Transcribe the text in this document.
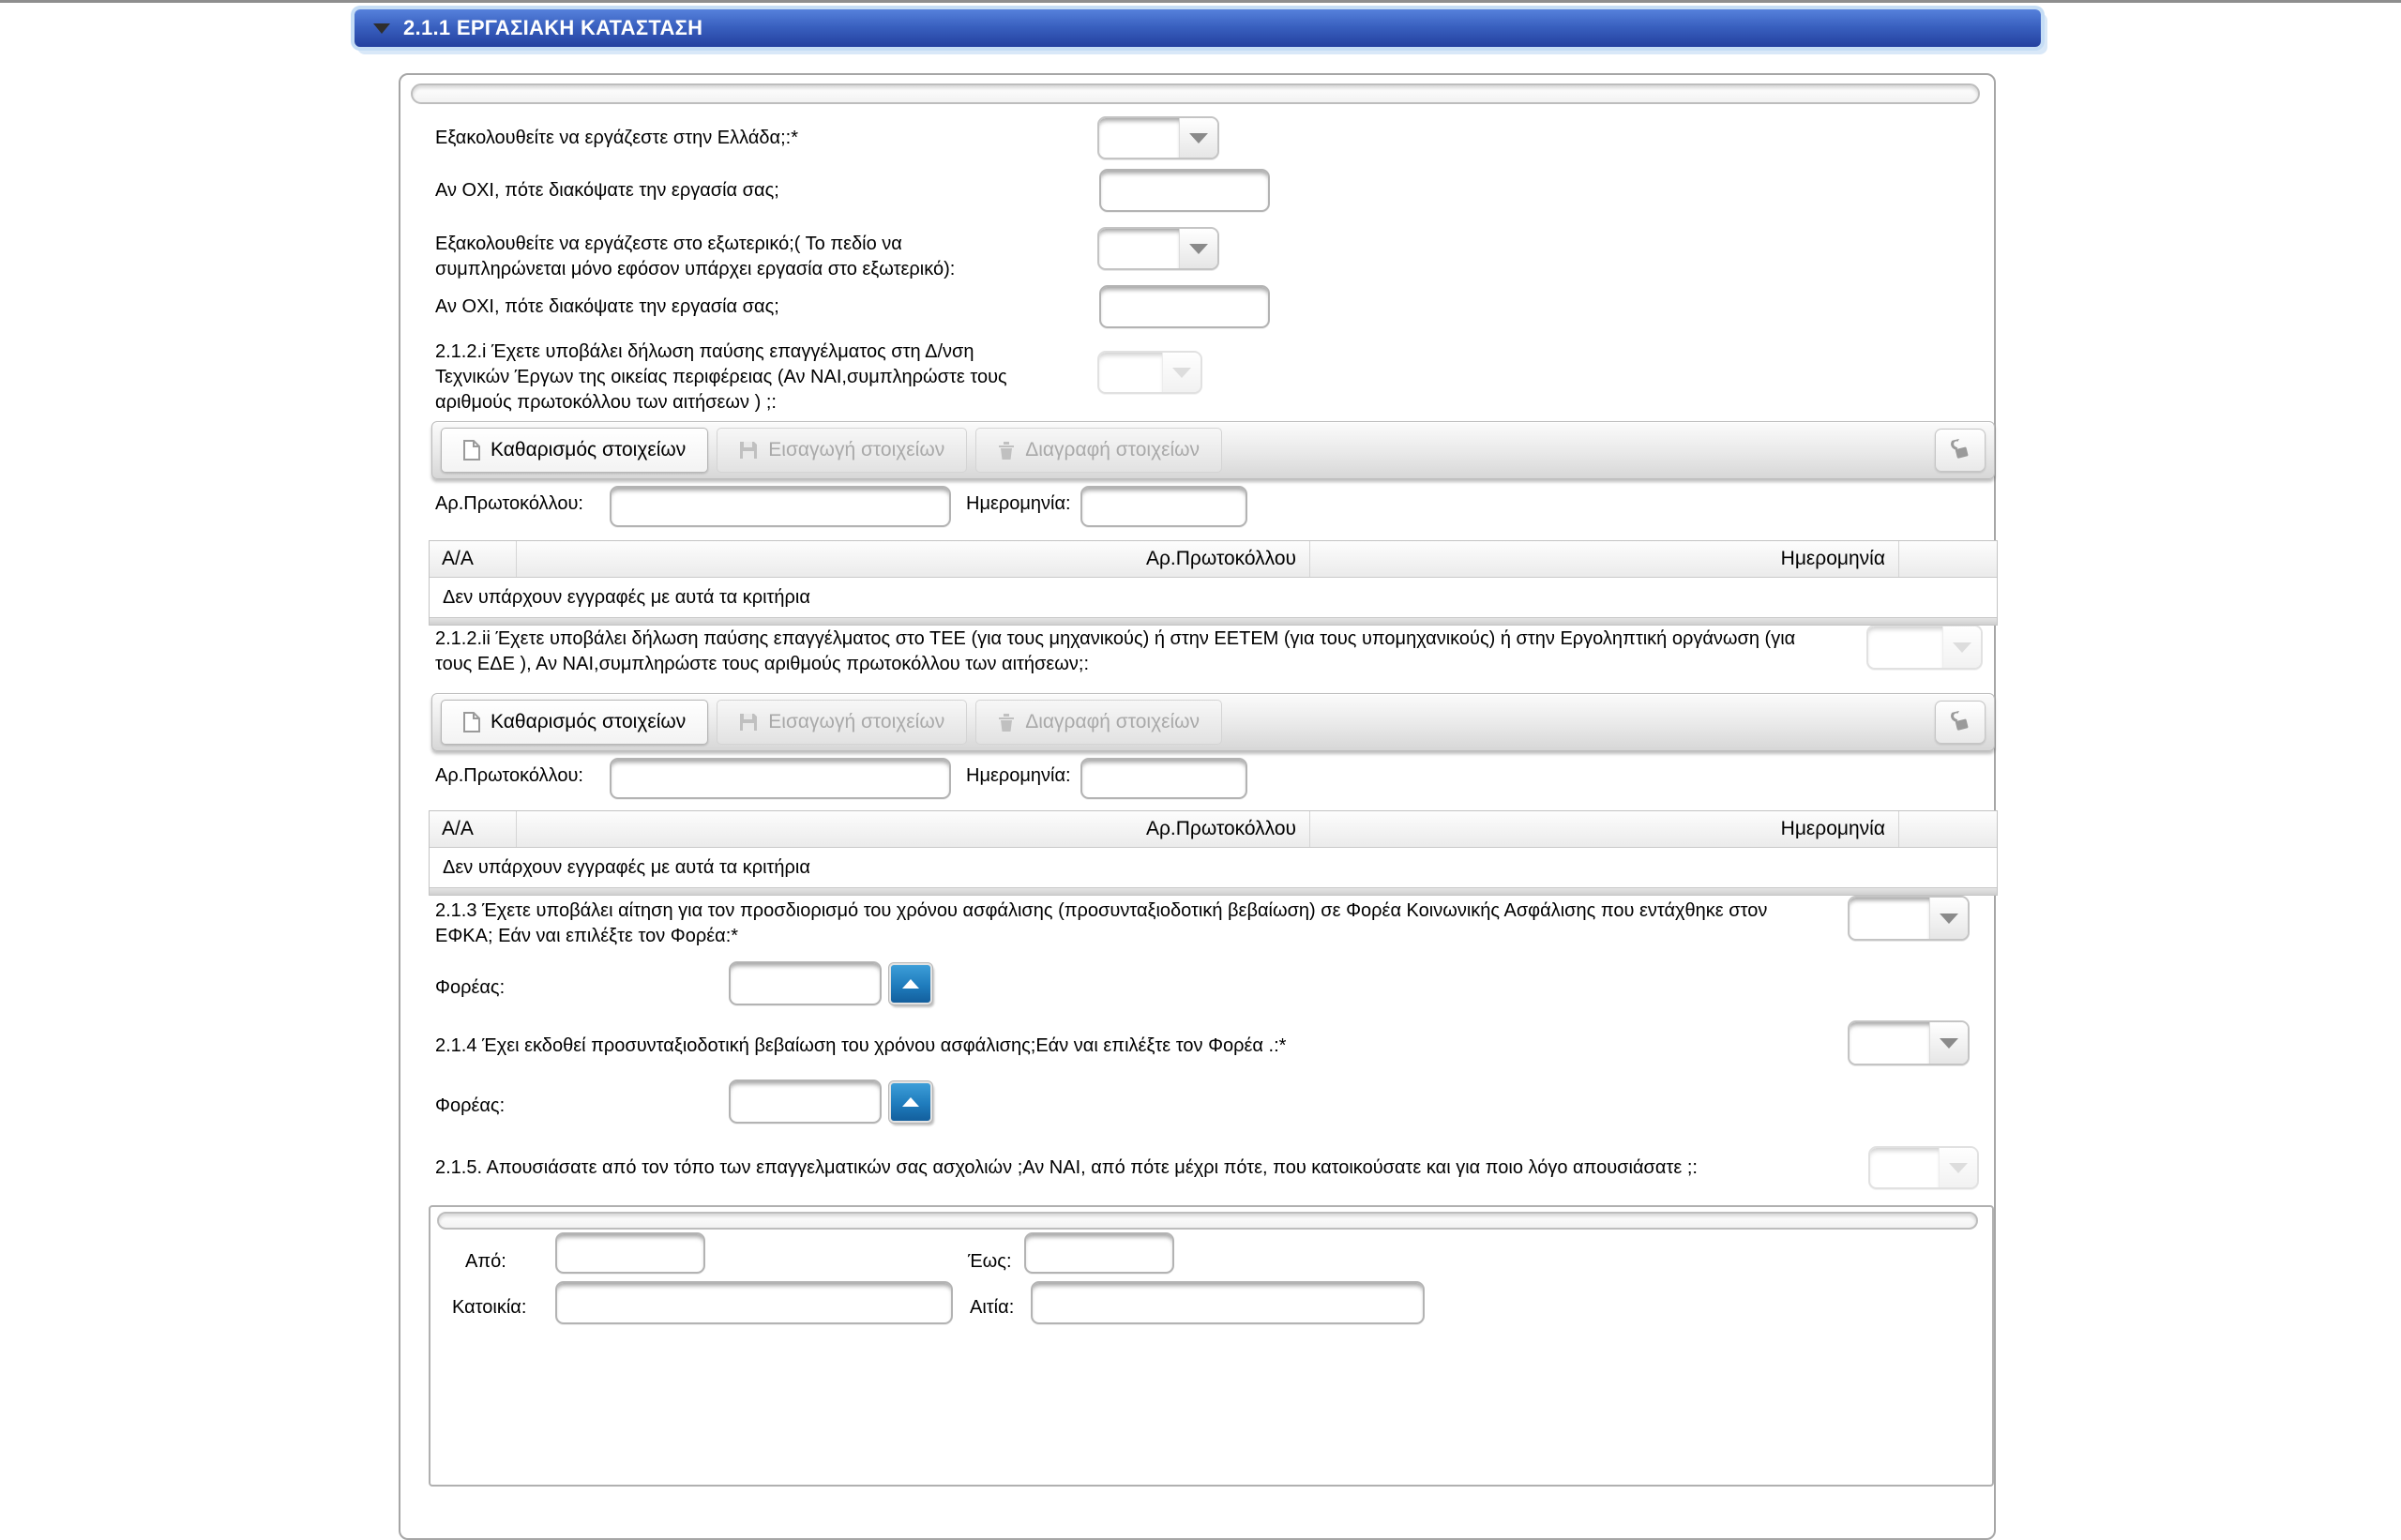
2.1.1 ΕΡΓΑΣΙΑΚΗ ΚΑΤΑΣΤΑΣΗ
Εξακολουθείτε να εργάζεστε στην Ελλάδα;:*
Αν ΟΧΙ, πότε διακόψατε την εργασία σας;
Εξακολουθείτε να εργάζεστε στο εξωτερικό;( Το πεδίο να συμπληρώνεται μόνο εφόσον υπάρχει εργασία στο εξωτερικό):
Αν ΟΧΙ, πότε διακόψατε την εργασία σας;
2.1.2.i Έχετε υποβάλει δήλωση παύσης επαγγέλματος στη Δ/νση Τεχνικών Έργων της οικείας περιφέρειας (Αν ΝΑΙ,συμπληρώστε τους αριθμούς πρωτοκόλλου των αιτήσεων ) ;:
Καθαρισμός στοιχείων	Εισαγωγή στοιχείων	Διαγραφή στοιχείων
Αρ.Πρωτοκόλλου:	Ημερομηνία:
Α/Α	Αρ.Πρωτοκόλλου	Ημερομηνία
Δεν υπάρχουν εγγραφές με αυτά τα κριτήρια
2.1.2.ii Έχετε υποβάλει δήλωση παύσης επαγγέλματος στο ΤΕΕ (για τους μηχανικούς) ή στην ΕΕΤΕΜ (για τους υπομηχανικούς) ή στην Εργοληπτική οργάνωση (για τους ΕΔΕ ), Αν ΝΑΙ,συμπληρώστε τους αριθμούς πρωτοκόλλου των αιτήσεων;:
Καθαρισμός στοιχείων	Εισαγωγή στοιχείων	Διαγραφή στοιχείων
Αρ.Πρωτοκόλλου:	Ημερομηνία:
Α/Α	Αρ.Πρωτοκόλλου	Ημερομηνία
Δεν υπάρχουν εγγραφές με αυτά τα κριτήρια
2.1.3 Έχετε υποβάλει αίτηση για τον προσδιορισμό του χρόνου ασφάλισης (προσυνταξιοδοτική βεβαίωση) σε Φορέα Κοινωνικής Ασφάλισης που εντάχθηκε στον ΕΦΚΑ; Εάν ναι επιλέξτε τον Φορέα:*
Φορέας:
2.1.4 Έχει εκδοθεί προσυνταξιοδοτική βεβαίωση του χρόνου ασφάλισης;Εάν ναι επιλέξτε τον Φορέα .:*
Φορέας:
2.1.5. Απουσιάσατε από τον τόπο των επαγγελματικών σας ασχολιών ;Αν ΝΑΙ, από πότε μέχρι πότε, που κατοικούσατε και για ποιο λόγο απουσιάσατε ;:
Από:	Έως:
Κατοικία:	Αιτία:
